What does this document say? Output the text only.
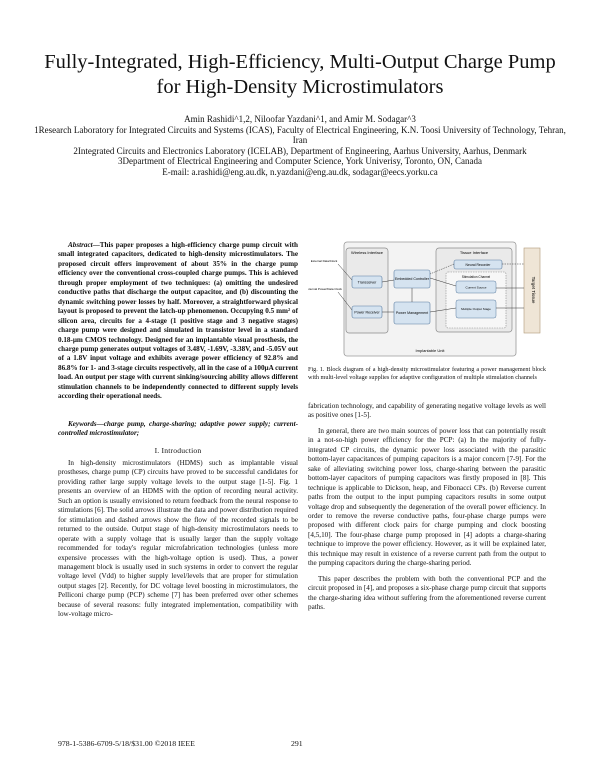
Fully-Integrated, High-Efficiency, Multi-Output Charge Pump for High-Density Microstimulators
Amin Rashidi^1,2, Niloofar Yazdani^1, and Amir M. Sodagar^3
1Research Laboratory for Integrated Circuits and Systems (ICAS), Faculty of Electrical Engineering, K.N. Toosi University of Technology, Tehran, Iran
2Integrated Circuits and Electronics Laboratory (ICELAB), Department of Engineering, Aarhus University, Aarhus, Denmark
3Department of Electrical Engineering and Computer Science, York Univerisy, Toronto, ON, Canada
E-mail: a.rashidi@eng.au.dk, n.yazdani@eng.au.dk, sodagar@eecs.yorku.ca
Abstract—This paper proposes a high-efficiency charge pump circuit with small integrated capacitors, dedicated to high-density microstimulators. The proposed circuit offers improvement of about 35% in the charge pump efficiency over the conventional cross-coupled charge pumps. This is achieved through proper employment of two techniques: (a) omitting the undesired conductive paths that discharge the output capacitor, and (b) discounting the dynamic switching power losses by half. Moreover, a straightforward physical layout is proposed to prevent the latch-up phenomenon. Occupying 0.5 mm² of silicon area, circuits for a 4-stage (1 positive stage and 3 negative stages) charge pump were designed and simulated in transistor level in a standard 0.18-μm CMOS technology. Designed for an implantable visual prosthesis, the charge pump generates output voltages of 3.48V, -1.69V, -3.38V, and -5.05V out of a 1.8V input voltage and exhibits average power efficiency of 92.8% and 86.8% for 1- and 3-stage circuits respectively, all in the case of a 100μA current load. An output per stage with current sinking/sourcing ability allows different stimulation channels to be independently connected to different supply levels according their operational needs.
Keywords—charge pump, charge-sharing; adaptive power supply; current-controlled microstimulator;
I. Introduction

In high-density microstimulators (HDMS) such as implantable visual prostheses, charge pump (CP) circuits have proved to be successful candidates for providing rather large supply voltage levels to the output stage [1-5]. Fig. 1 presents an overview of an HDMS with the option of recording neural activity. Such an option is usually envisioned to return feedback from the neural response to stimulations [6]. The solid arrows illustrate the data and power distribution required for stimulation and dashed arrows show the flow of the recorded signals to be returned to the outside. Output stage of high-density microstimulators needs to operate with a supply voltage that is usually larger than the supply voltage recommended for today's regular microfabrication technologies (unless more expensive processes with the high-voltage option is used). Thus, a power management block is usually used in such systems in order to convert the regular voltage level (Vdd) to higher supply level/levels that are proper for stimulation output stages [2]. Recently, for DC voltage level boosting in microstimulators, the Pelliconi charge pump (PCP) scheme [7] has been preferred over other schemes because of several reasons: fully integrated implementation, compatibility with low-voltage micro-

Wireless Interface
Transceiver
Power Receiver
Embedded Controller
Power Management
Tissue Interface
Neural Recorder
Stimulation Channel
Current Source
Multiple Output Stage
Target Tissue
Implantable Unit
External Data/Clock
External Power/Data Clock
Fig. 1. Block diagram of a high-density microstimulator featuring a power management block with multi-level voltage supplies for adaptive configuration of multiple stimulation channels

fabrication technology, and capability of generating negative voltage levels as well as positive ones [1-5].

In general, there are two main sources of power loss that can potentially result in a not-so-high power efficiency for the PCP: (a) In the majority of fully-integrated CP circuits, the dynamic power loss associated with the parasitic bottom-layer capacitances of pumping capacitors is a major concern [7-9]. For the sake of alleviating switching power loss, charge-sharing between the parasitic bottom-layer capacitors of pumping capacitors was firstly proposed in [8]. This technique is applicable to Dickson, heap, and Fibonacci CPs. (b) Reverse current paths from the output to the input pumping capacitors results in some output voltage drop and subsequently the degeneration of the overall power efficiency. In order to remove the reverse conductive paths, four-phase charge pumps were proposed with different clock pairs for charge pumping and clock boosting [4,5,10]. The four-phase charge pump proposed in [4] adopts a charge-sharing technique to improve the power efficiency. However, as it will be explained later, this technique may result in existence of a reverse current path from the output to the pumping capacitors during the charge-sharing period.

This paper describes the problem with both the conventional PCP and the circuit proposed in [4], and proposes a six-phase charge pump circuit that supports the charge-sharing idea without suffering from the aforementioned reverse current paths.

978-1-5386-6709-5/18/$31.00 ©2018 IEEE	291
